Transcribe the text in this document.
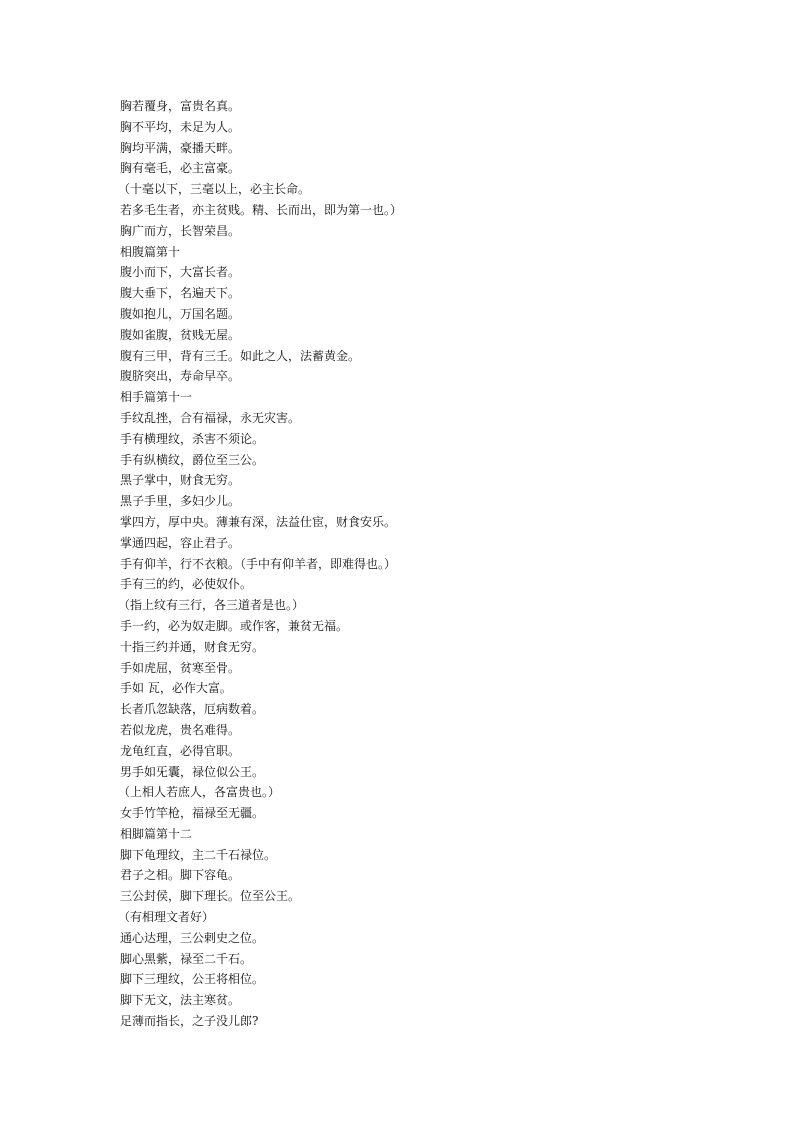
胸若覆身，富贵名真。
胸不平均，未足为人。
胸均平满，豪播天畔。
胸有毫毛，必主富豪。
（十毫以下，三毫以上，必主长命。
若多毛生者，亦主贫贱。精、长而出，即为第一也。）
胸广而方，长智荣昌。
相腹篇第十
腹小而下，大富长者。
腹大垂下，名遍天下。
腹如抱儿，万国名题。
腹如雀腹，贫贱无屋。
腹有三甲，背有三壬。如此之人，法蓄黄金。
腹脐突出，寿命早卒。
相手篇第十一
手纹乱挫，合有福禄，永无灾害。
手有横理纹，杀害不须论。
手有纵横纹，爵位至三公。
黑子掌中，财食无穷。
黑子手里，多妇少儿。
掌四方，厚中央。薄兼有深，法益仕宦，财食安乐。
掌通四起，容止君子。
手有仰羊，行不衣粮。（手中有仰羊者，即难得也。）
手有三的约，必使奴仆。
（指上纹有三行，各三道者是也。）
手一约，必为奴走脚。或作客，兼贫无福。
十指三约并通，财食无穷。
手如虎屈，贫寒至骨。
手如 瓦，必作大富。
长者爪忽缺落，厄病数着。
若似龙虎，贵名难得。
龙龟红直，必得官职。
男手如旡囊，禄位似公王。
（上相人若庶人，各富贵也。）
女手竹竿枪，福禄至无疆。
相脚篇第十二
脚下龟理纹，主二千石禄位。
君子之相。脚下容龟。
三公封侯，脚下理长。位至公王。
（有相理文者好）
通心达理，三公剌史之位。
脚心黑紫，禄至二千石。
脚下三理纹，公王将相位。
脚下无文，法主寒贫。
足薄而指长，之子没儿郎?
